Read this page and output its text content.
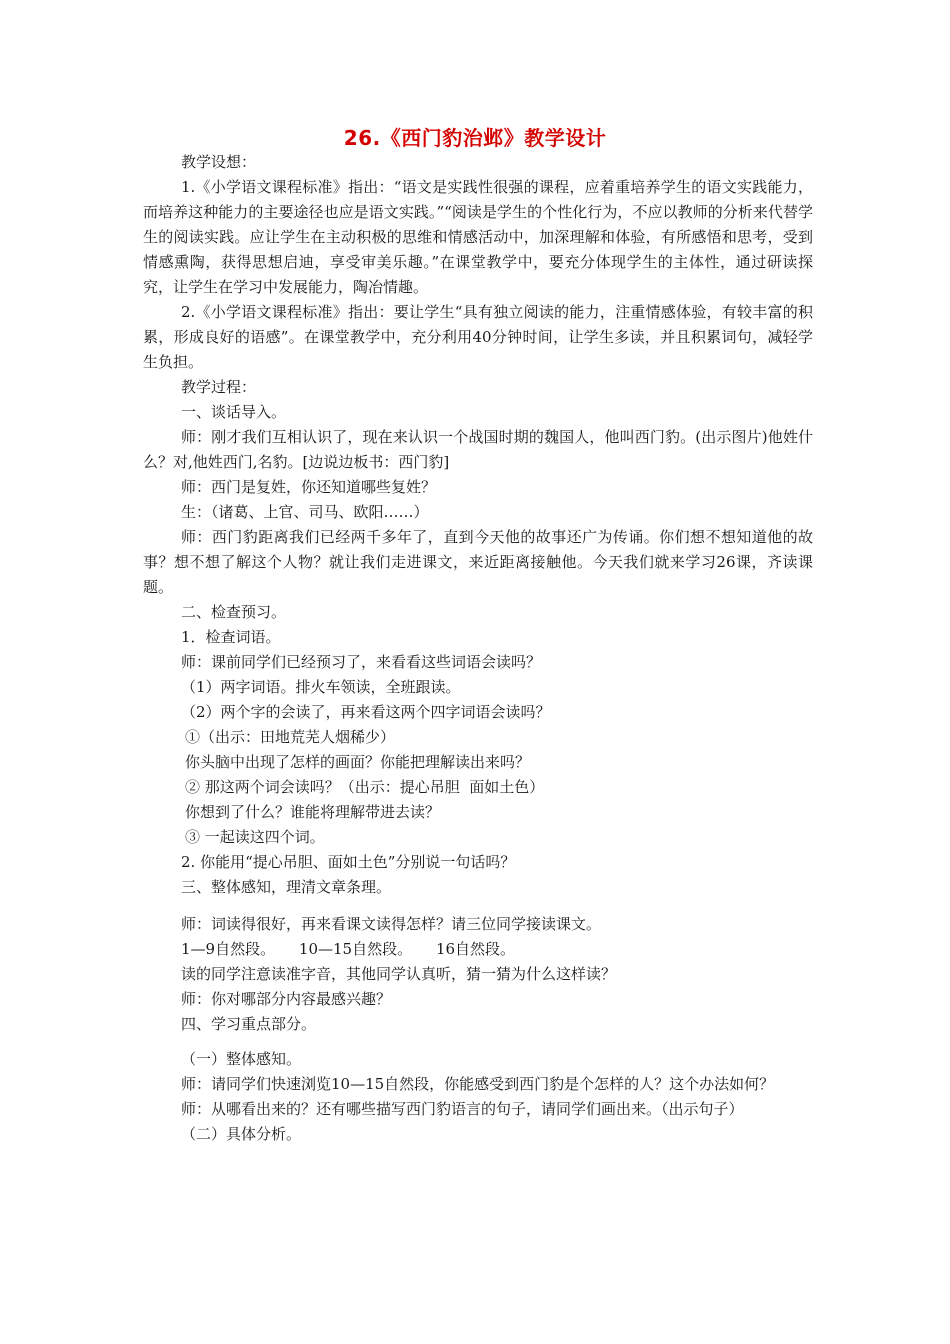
26.《西门豹治邺》教学设计

教学设想：

1.《小学语文课程标准》指出：“语文是实践性很强的课程，应着重培养学生的语文实践能力，而培养这种能力的主要途径也应是语文实践。”“阅读是学生的个性化行为，不应以教师的分析来代替学生的阅读实践。应让学生在主动积极的思维和情感活动中，加深理解和体验，有所感悟和思考，受到情感熏陶，获得思想启迪，享受审美乐趣。”在课堂教学中，要充分体现学生的主体性，通过研读探究，让学生在学习中发展能力，陶冶情趣。

2.《小学语文课程标准》指出：要让学生“具有独立阅读的能力，注重情感体验，有较丰富的积累，形成良好的语感”。在课堂教学中，充分利用40分钟时间，让学生多读，并且积累词句，减轻学生负担。

教学过程：

一、谈话导入。

师：刚才我们互相认识了，现在来认识一个战国时期的魏国人，他叫西门豹。(出示图片)他姓什么？对,他姓西门,名豹。[边说边板书：西门豹]

师：西门是复姓，你还知道哪些复姓？

生：（诸葛、上官、司马、欧阳……）

师：西门豹距离我们已经两千多年了，直到今天他的故事还广为传诵。你们想不想知道他的故事？想不想了解这个人物？就让我们走进课文，来近距离接触他。今天我们就来学习26课，齐读课题。

二、检查预习。

1．检查词语。

师：课前同学们已经预习了，来看看这些词语会读吗？

（1）两字词语。排火车领读，全班跟读。

（2）两个字的会读了，再来看这两个四字词语会读吗？

①（出示：田地荒芜人烟稀少）

你头脑中出现了怎样的画面？你能把理解读出来吗？

② 那这两个词会读吗？（出示：提心吊胆  面如土色）

你想到了什么？谁能将理解带进去读？

③ 一起读这四个词。

2. 你能用“提心吊胆、面如土色”分别说一句话吗？

三、整体感知，理清文章条理。

师：词读得很好，再来看课文读得怎样？请三位同学接读课文。

1—9自然段。     10—15自然段。     16自然段。

读的同学注意读准字音，其他同学认真听，猜一猜为什么这样读？

师：你对哪部分内容最感兴趣？

四、学习重点部分。

（一）整体感知。

师：请同学们快速浏览10—15自然段，你能感受到西门豹是个怎样的人？这个办法如何？

师：从哪看出来的？还有哪些描写西门豹语言的句子，请同学们画出来。（出示句子）

（二）具体分析。
